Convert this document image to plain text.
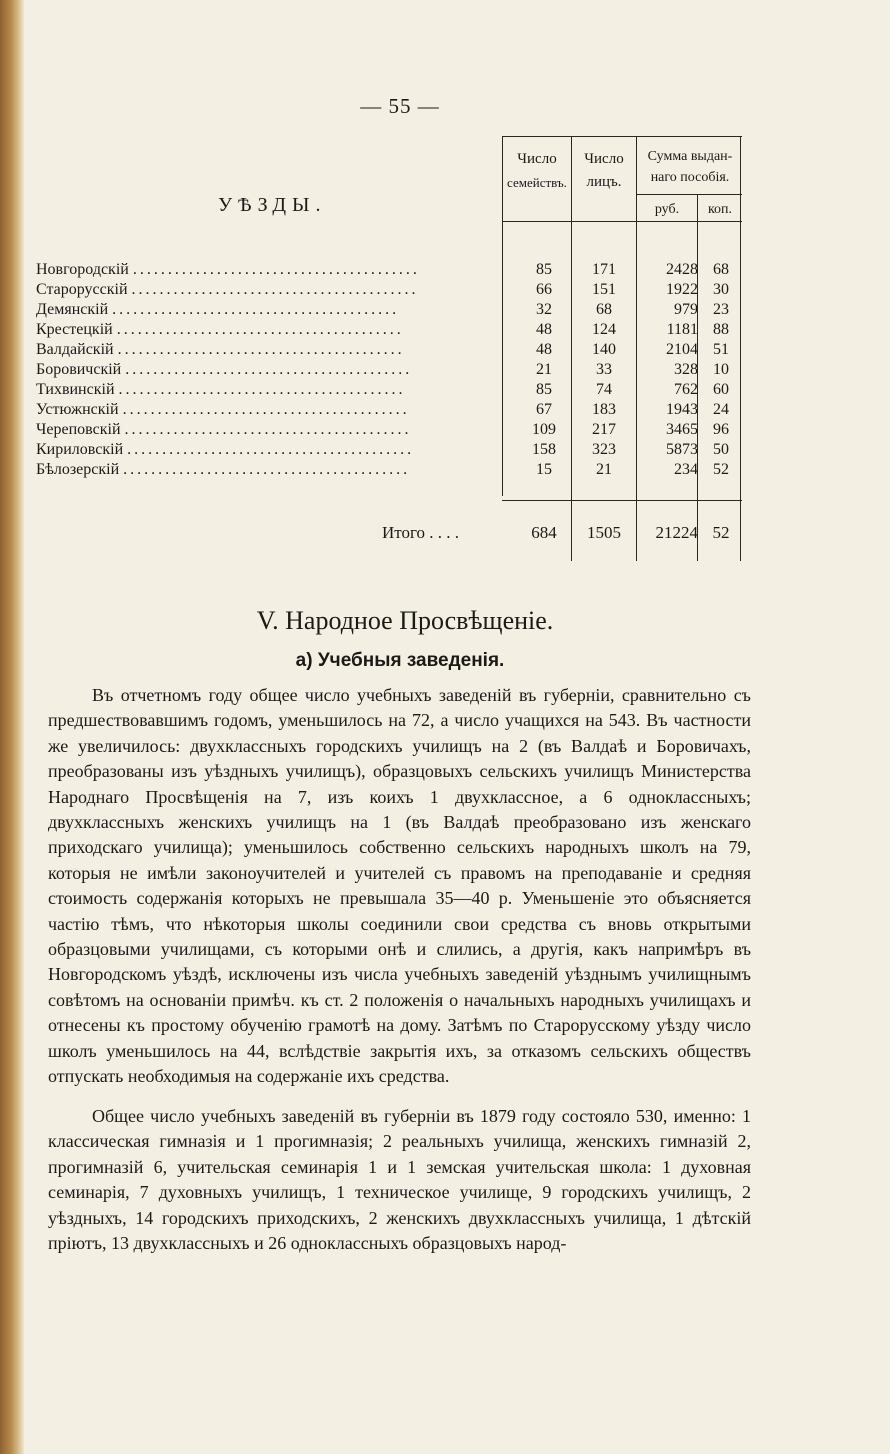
— 55 —
УѢЗДЫ.
Число
семействъ.
Число
лицъ.
Сумма выдан-
наго пособія.
руб.	коп.
Новгородскій .........................................	85	171	2428 68
Старорусскій .........................................	66	151	1922 30
Демянскій .........................................	32	68	979 23
Крестецкій .........................................	48	124	1181 88
Валдайскій .........................................	48	140	2104 51
Боровичскій .........................................	21	33	328 10
Тихвинскій .........................................	85	74	762 60
Устюжнскій .........................................	67	183	1943 24
Череповскій .........................................	109	217	3465 96
Кириловскій .........................................	158	323	5873 50
Бѣлозерскій .........................................	15	21	234 52
Итого . . . .	684	1505	21224 52
V. Народное Просвѣщеніе.
а) Учебныя заведенія.

Въ отчетномъ году общее число учебныхъ заведеній въ губерніи, сравнительно съ предшествовавшимъ годомъ, уменьшилось на 72, а число учащихся на 543. Въ частности же увеличилось: двухклассныхъ городскихъ училищъ на 2 (въ Валдаѣ и Боровичахъ, преобразованы изъ уѣздныхъ училищъ), образцовыхъ сельскихъ училищъ Министерства Народнаго Просвѣщенія на 7, изъ коихъ 1 двухклассное, а 6 одноклассныхъ; двухклассныхъ женскихъ училищъ на 1 (въ Валдаѣ преобразовано изъ женскаго приходскаго училища); уменьшилось собственно сельскихъ народныхъ школъ на 79, которыя не имѣли законоучителей и учителей съ правомъ на преподаваніе и средняя стоимость содержанія которыхъ не превышала 35—40 р. Уменьшеніе это объясняется частію тѣмъ, что нѣкоторыя школы соединили свои средства съ вновь открытыми образцовыми училищами, съ которыми онѣ и слились, а другія, какъ напримѣръ въ Новгородскомъ уѣздѣ, исключены изъ числа учебныхъ заведеній уѣзднымъ училищнымъ совѣтомъ на основаніи примѣч. къ ст. 2 положенія о начальныхъ народныхъ училищахъ и отнесены къ простому обученію грамотѣ на дому. Затѣмъ по Старорусскому уѣзду число школъ уменьшилось на 44, вслѣдствіе закрытія ихъ, за отказомъ сельскихъ обществъ отпускать необходимыя на содержаніе ихъ средства.

Общее число учебныхъ заведеній въ губерніи въ 1879 году состояло 530, именно: 1 классическая гимназія и 1 прогимназія; 2 реальныхъ училища, женскихъ гимназій 2, прогимназій 6, учительская семинарія 1 и 1 земская учительская школа: 1 духовная семинарія, 7 духовныхъ училищъ, 1 техническое училище, 9 городскихъ училищъ, 2 уѣздныхъ, 14 городскихъ приходскихъ, 2 женскихъ двухклассныхъ училища, 1 дѣтскій пріютъ, 13 двухклассныхъ и 26 одноклассныхъ образцовыхъ народ-
